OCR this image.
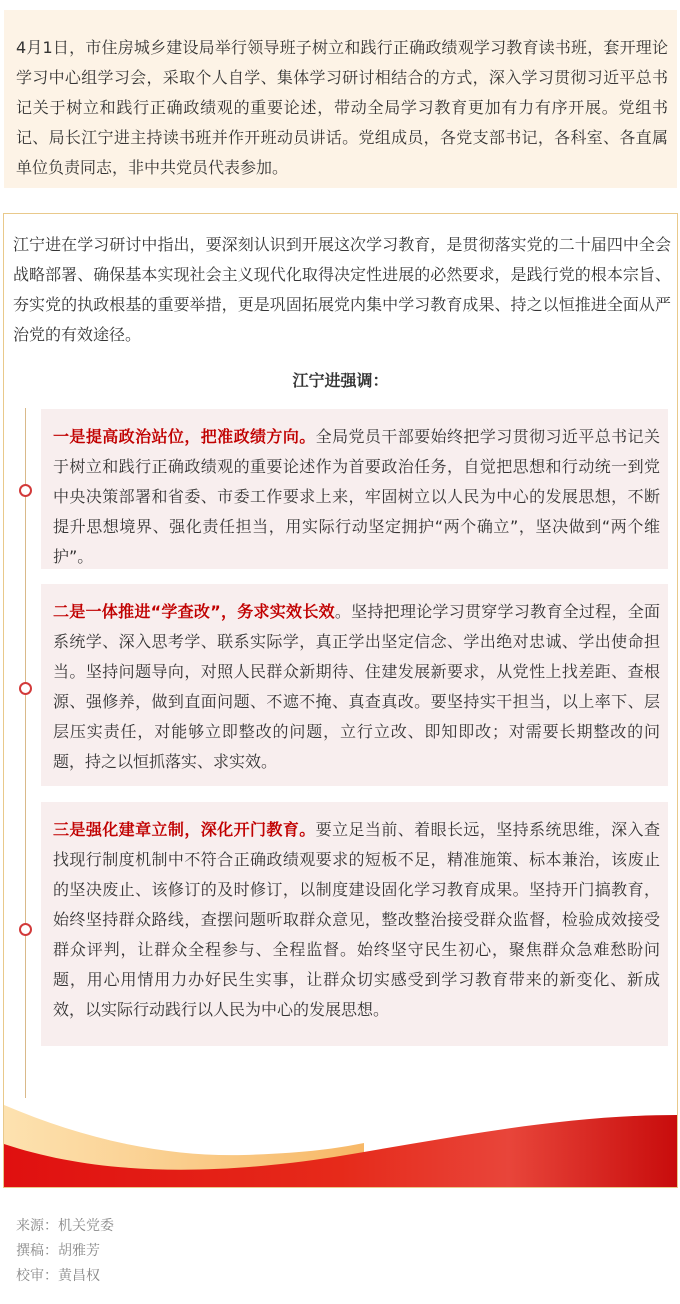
4月1日，市住房城乡建设局举行领导班子树立和践行正确政绩观学习教育读书班，套开理论学习中心组学习会，采取个人自学、集体学习研讨相结合的方式，深入学习贯彻习近平总书记关于树立和践行正确政绩观的重要论述，带动全局学习教育更加有力有序开展。党组书记、局长江宁进主持读书班并作开班动员讲话。党组成员，各党支部书记，各科室、各直属单位负责同志，非中共党员代表参加。

江宁进在学习研讨中指出，要深刻认识到开展这次学习教育，是贯彻落实党的二十届四中全会战略部署、确保基本实现社会主义现代化取得决定性进展的必然要求，是践行党的根本宗旨、夯实党的执政根基的重要举措，更是巩固拓展党内集中学习教育成果、持之以恒推进全面从严治党的有效途径。

江宁进强调：

一是提高政治站位，把准政绩方向。全局党员干部要始终把学习贯彻习近平总书记关于树立和践行正确政绩观的重要论述作为首要政治任务，自觉把思想和行动统一到党中央决策部署和省委、市委工作要求上来，牢固树立以人民为中心的发展思想，不断提升思想境界、强化责任担当，用实际行动坚定拥护“两个确立”，坚决做到“两个维护”。

二是一体推进“学查改”，务求实效长效。坚持把理论学习贯穿学习教育全过程，全面系统学、深入思考学、联系实际学，真正学出坚定信念、学出绝对忠诚、学出使命担当。坚持问题导向，对照人民群众新期待、住建发展新要求，从党性上找差距、查根源、强修养，做到直面问题、不遮不掩、真查真改。要坚持实干担当，以上率下、层层压实责任，对能够立即整改的问题，立行立改、即知即改；对需要长期整改的问题，持之以恒抓落实、求实效。

三是强化建章立制，深化开门教育。要立足当前、着眼长远，坚持系统思维，深入查找现行制度机制中不符合正确政绩观要求的短板不足，精准施策、标本兼治，该废止的坚决废止、该修订的及时修订，以制度建设固化学习教育成果。坚持开门搞教育，始终坚持群众路线，查摆问题听取群众意见，整改整治接受群众监督，检验成效接受群众评判，让群众全程参与、全程监督。始终坚守民生初心，聚焦群众急难愁盼问题，用心用情用力办好民生实事，让群众切实感受到学习教育带来的新变化、新成效，以实际行动践行以人民为中心的发展思想。

来源：机关党委
撰稿：胡雅芳
校审：黄昌权
